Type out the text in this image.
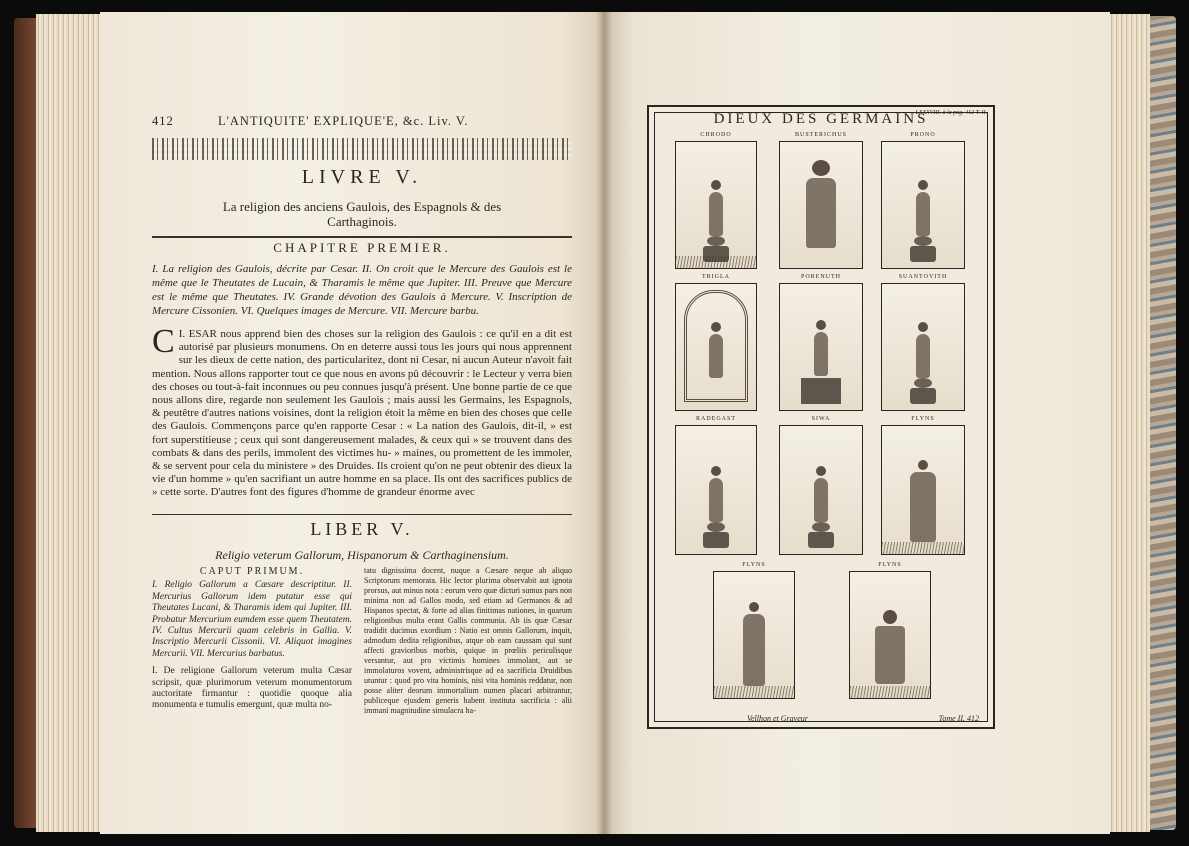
412	L'ANTIQUITE' EXPLIQUE'E, &c. Liv. V.
LIVRE V.
La religion des anciens Gaulois, des Espagnols & des Carthaginois.
CHAPITRE PREMIER.
I. La religion des Gaulois, décrite par Cesar. II. On croit que le Mercure des Gaulois est le même que le Theutates de Lucain, & Tharamis le même que Jupiter. III. Preuve que Mercure est le même que Theutates. IV. Grande dévotion des Gaulois à Mercure. V. Inscription de Mercure Cissonien. VI. Quelques images de Mercure. VII. Mercure barbu.
I.
C ESAR nous apprend bien des choses sur la religion des Gaulois : ce qu'il en a dit est autorisé par plusieurs monumens. On en deterre aussi tous les jours qui nous apprennent sur les dieux de cette nation, des particularitez, dont ni Cesar, ni aucun Auteur n'avoit fait mention. Nous allons rapporter tout ce que nous en avons pû découvrir : le Lecteur y verra bien des choses ou tout-à-fait inconnues ou peu connues jusqu'à présent. Une bonne partie de ce que nous allons dire, regarde non seulement les Gaulois ; mais aussi les Germains, les Espagnols, & peutêtre d'autres nations voisines, dont la religion étoit la même en bien des choses que celle des Gaulois. Commençons parce qu'en rapporte Cesar : « La nation des Gaulois, dit-il, » est fort superstitieuse ; ceux qui sont dangereusement malades, & ceux qui » se trouvent dans des combats & dans des perils, immolent des victimes hu- » maines, ou promettent de les immoler, & se servent pour cela du ministere » des Druides. Ils croient qu'on ne peut obtenir des dieux la vie d'un homme » qu'en sacrifiant un autre homme en sa place. Ils ont des sacrifices publics de » cette sorte. D'autres font des figures d'homme de grandeur énorme avec
LIBER V.
Religio veterum Gallorum, Hispanorum & Carthaginensium.
CAPUT PRIMUM.
I. Religio Gallorum a Cæsare descriptitur. II. Mercurius Gallorum idem putatur esse qui Theutates Lucani, & Tharamis idem qui Jupiter. III. Probatur Mercurium eumdem esse quem Theutatem. IV. Cultus Mercurii quam celebris in Gallia. V. Inscriptio Mercurii Cissonii. VI. Aliquot imagines Mercurii. VII. Mercurius barbatus.
I. De religione Gallorum veterum multa Cæsar scripsit, quæ plurimorum veterum monumentorum auctoritate firmantur : quotidie quoque alia monumenta e tumulis emergunt, quæ multa no-
tatu dignissima docent, nuque a Cæsare neque ab aliquo Scriptorum memorata. Hic lector plurima observabit aut ignota prorsus, aut minus nota : eorum vero quæ dicturi sumus pars non minima non ad Gallos modo, sed etiam ad Germanos & ad Hispanos spectat, & forte ad alias finitimas nationes, in quarum religionibus multa erant Gallis communia. Ab iis quæ Cæsar tradidit ducimus exordium : Natio est omnis Gallorum, inquit, admodum dedita religionibus, atque ob eam caussam qui sunt affecti gravioribus morbis, quique in prœliis periculisque versantur, aut pro victimis homines immolant, aut se immolaturos vovent, administrisque ad ea sacrificia Druidibus utuntur : quod pro vita hominis, nisi vita hominis reddatur, non posse aliter deorum immortalium numen placari arbitrantur, publiceque ejusdem generis habent instituta sacrificia : alii immani magnitudine simulacra ha-
DIEUX DES GERMAINS
LXXXVIII. à la pag. 412 T. II.
CHRODO	BUSTERICHUS	PRONO
TRIGLA	PORENUTH	SUANTOVITH
RADEGAST	SIWA	FLYNS
FLYNS	FLYNS
Vellhon et Graveur	Tome II. 412
